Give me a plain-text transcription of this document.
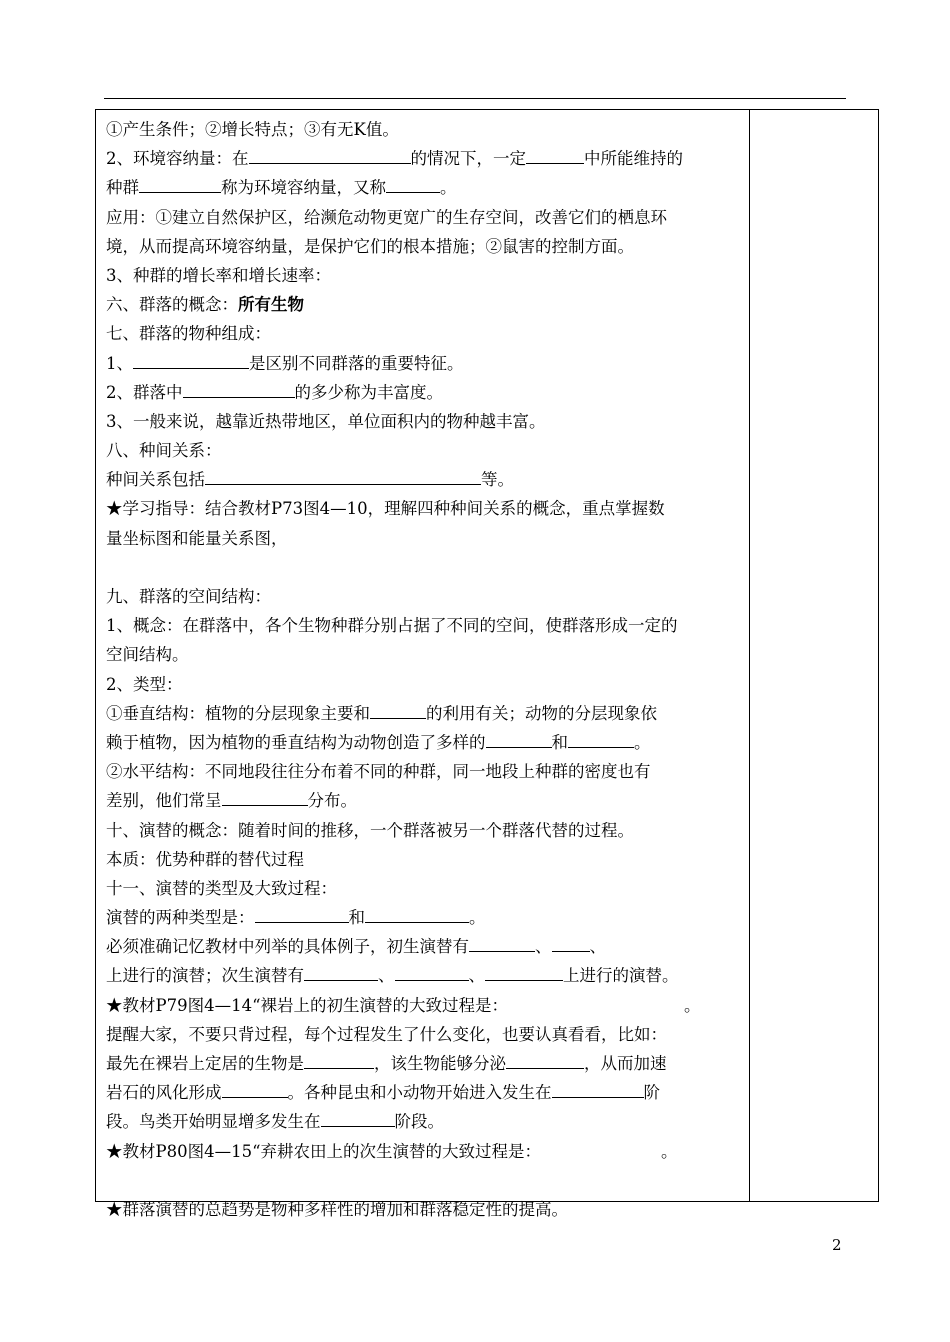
①产生条件；②增长特点；③有无K值。
2、环境容纳量：在	的情况下，一定	中所能维持的
种群	称为环境容纳量，又称	。
应用：①建立自然保护区，给濒危动物更宽广的生存空间，改善它们的栖息环
境，从而提高环境容纳量，是保护它们的根本措施；②鼠害的控制方面。
3、种群的增长率和增长速率：
六、群落的概念：所有生物
七、群落的物种组成：
1、	是区别不同群落的重要特征。
2、群落中	的多少称为丰富度。
3、一般来说，越靠近热带地区，单位面积内的物种越丰富。
八、种间关系：
种间关系包括	等。
★学习指导：结合教材P73图4—10，理解四种种间关系的概念，重点掌握数
量坐标图和能量关系图，
九、群落的空间结构：
1、概念：在群落中，各个生物种群分别占据了不同的空间，使群落形成一定的
空间结构。
2、类型：
①垂直结构：植物的分层现象主要和	的利用有关；动物的分层现象依
赖于植物，因为植物的垂直结构为动物创造了多样的	和	。
②水平结构：不同地段往往分布着不同的种群，同一地段上种群的密度也有
差别，他们常呈	分布。
十、演替的概念：随着时间的推移，一个群落被另一个群落代替的过程。
本质：优势种群的替代过程
十一、演替的类型及大致过程：
演替的两种类型是：	和	。
必须准确记忆教材中列举的具体例子，初生演替有	、 、
上进行的演替；次生演替有	、	、	上进行的演替。
★教材P79图4—14“裸岩上的初生演替的大致过程是：	。
提醒大家，不要只背过程，每个过程发生了什么变化，也要认真看看，比如：
最先在裸岩上定居的生物是	，该生物能够分泌	，从而加速
岩石的风化形成	。各种昆虫和小动物开始进入发生在	阶
段。鸟类开始明显增多发生在	阶段。
★教材P80图4—15“弃耕农田上的次生演替的大致过程是：	。
★群落演替的总趋势是物种多样性的增加和群落稳定性的提高。
2
